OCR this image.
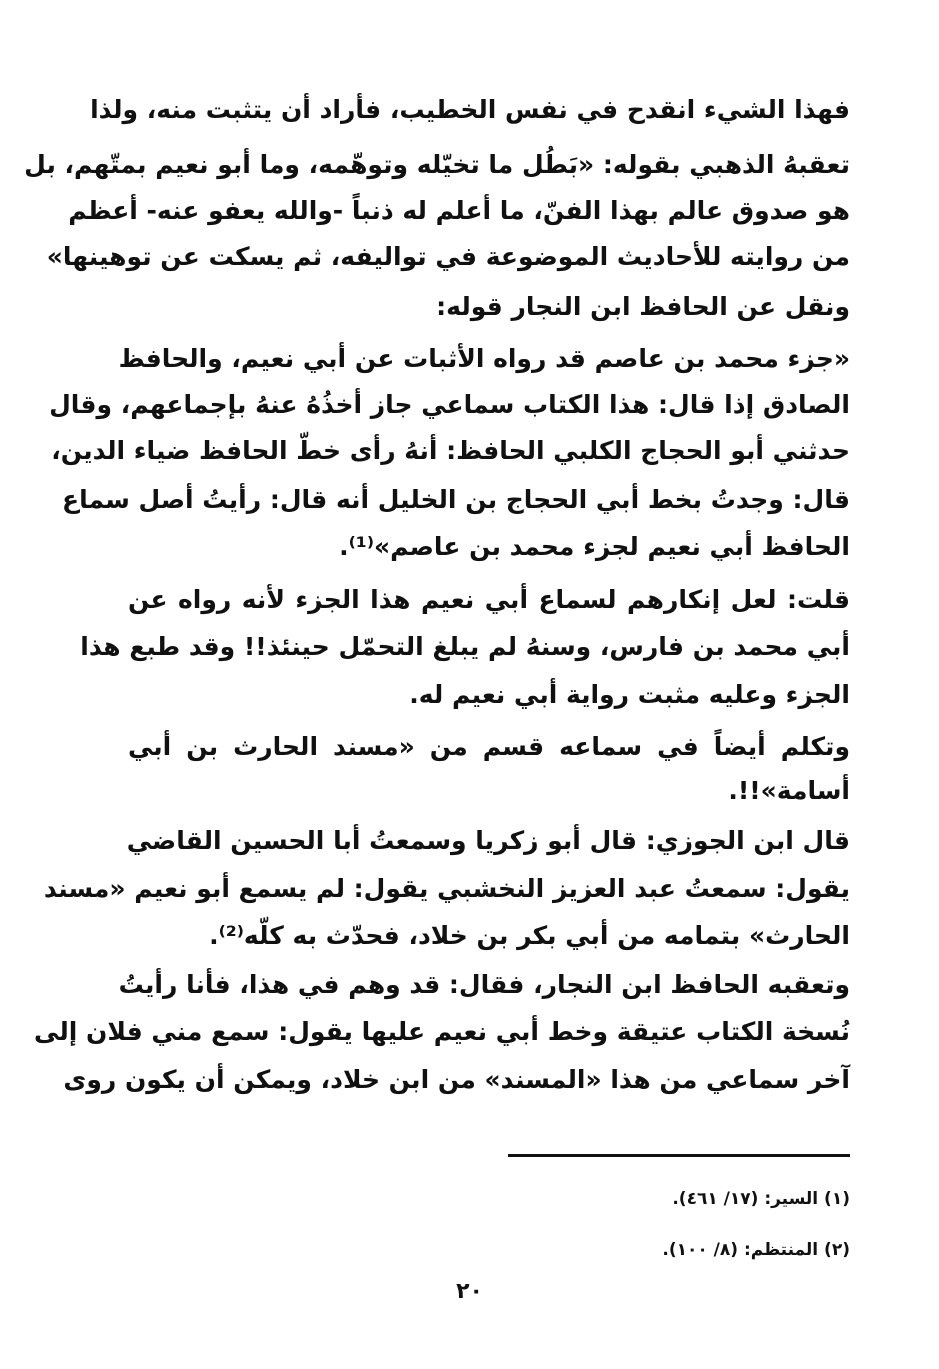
فهذا الشيء انقدح في نفس الخطيب، فأراد أن يتثبت منه، ولذا
تعقبهُ الذهبي بقوله: «بَطُل ما تخيّله وتوهّمه، وما أبو نعيم بمتّهم، بل
هو صدوق عالم بهذا الفنّ، ما أعلم له ذنباً -والله يعفو عنه- أعظم
من روايته للأحاديث الموضوعة في تواليفه، ثم يسكت عن توهينها»
ونقل عن الحافظ ابن النجار قوله:
«جزء محمد بن عاصم قد رواه الأثبات عن أبي نعيم، والحافظ
الصادق إذا قال: هذا الكتاب سماعي جاز أخذُهُ عنهُ بإجماعهم، وقال
حدثني أبو الحجاج الكلبي الحافظ: أنهُ رأى خطّ الحافظ ضياء الدين،
قال: وجدتُ بخط أبي الحجاج بن الخليل أنه قال: رأيتُ أصل سماع
الحافظ أبي نعيم لجزء محمد بن عاصم»⁽¹⁾.
قلت: لعل إنكارهم لسماع أبي نعيم هذا الجزء لأنه رواه عن
أبي محمد بن فارس، وسنهُ لم يبلغ التحمّل حينئذ!! وقد طبع هذا
الجزء وعليه مثبت رواية أبي نعيم له.
وتكلم أيضاً في سماعه قسم من «مسند الحارث بن أبي
أسامة»!!.
قال ابن الجوزي: قال أبو زكريا وسمعتُ أبا الحسين القاضي
يقول: سمعتُ عبد العزيز النخشبي يقول: لم يسمع أبو نعيم «مسند
الحارث» بتمامه من أبي بكر بن خلاد، فحدّث به كلّه⁽²⁾.
وتعقبه الحافظ ابن النجار، فقال: قد وهم في هذا، فأنا رأيتُ
نُسخة الكتاب عتيقة وخط أبي نعيم عليها يقول: سمع مني فلان إلى
آخر سماعي من هذا «المسند» من ابن خلاد، ويمكن أن يكون روى
(١) السير: (١٧/ ٤٦١).
(٢) المنتظم: (٨/ ١٠٠).
٢٠
